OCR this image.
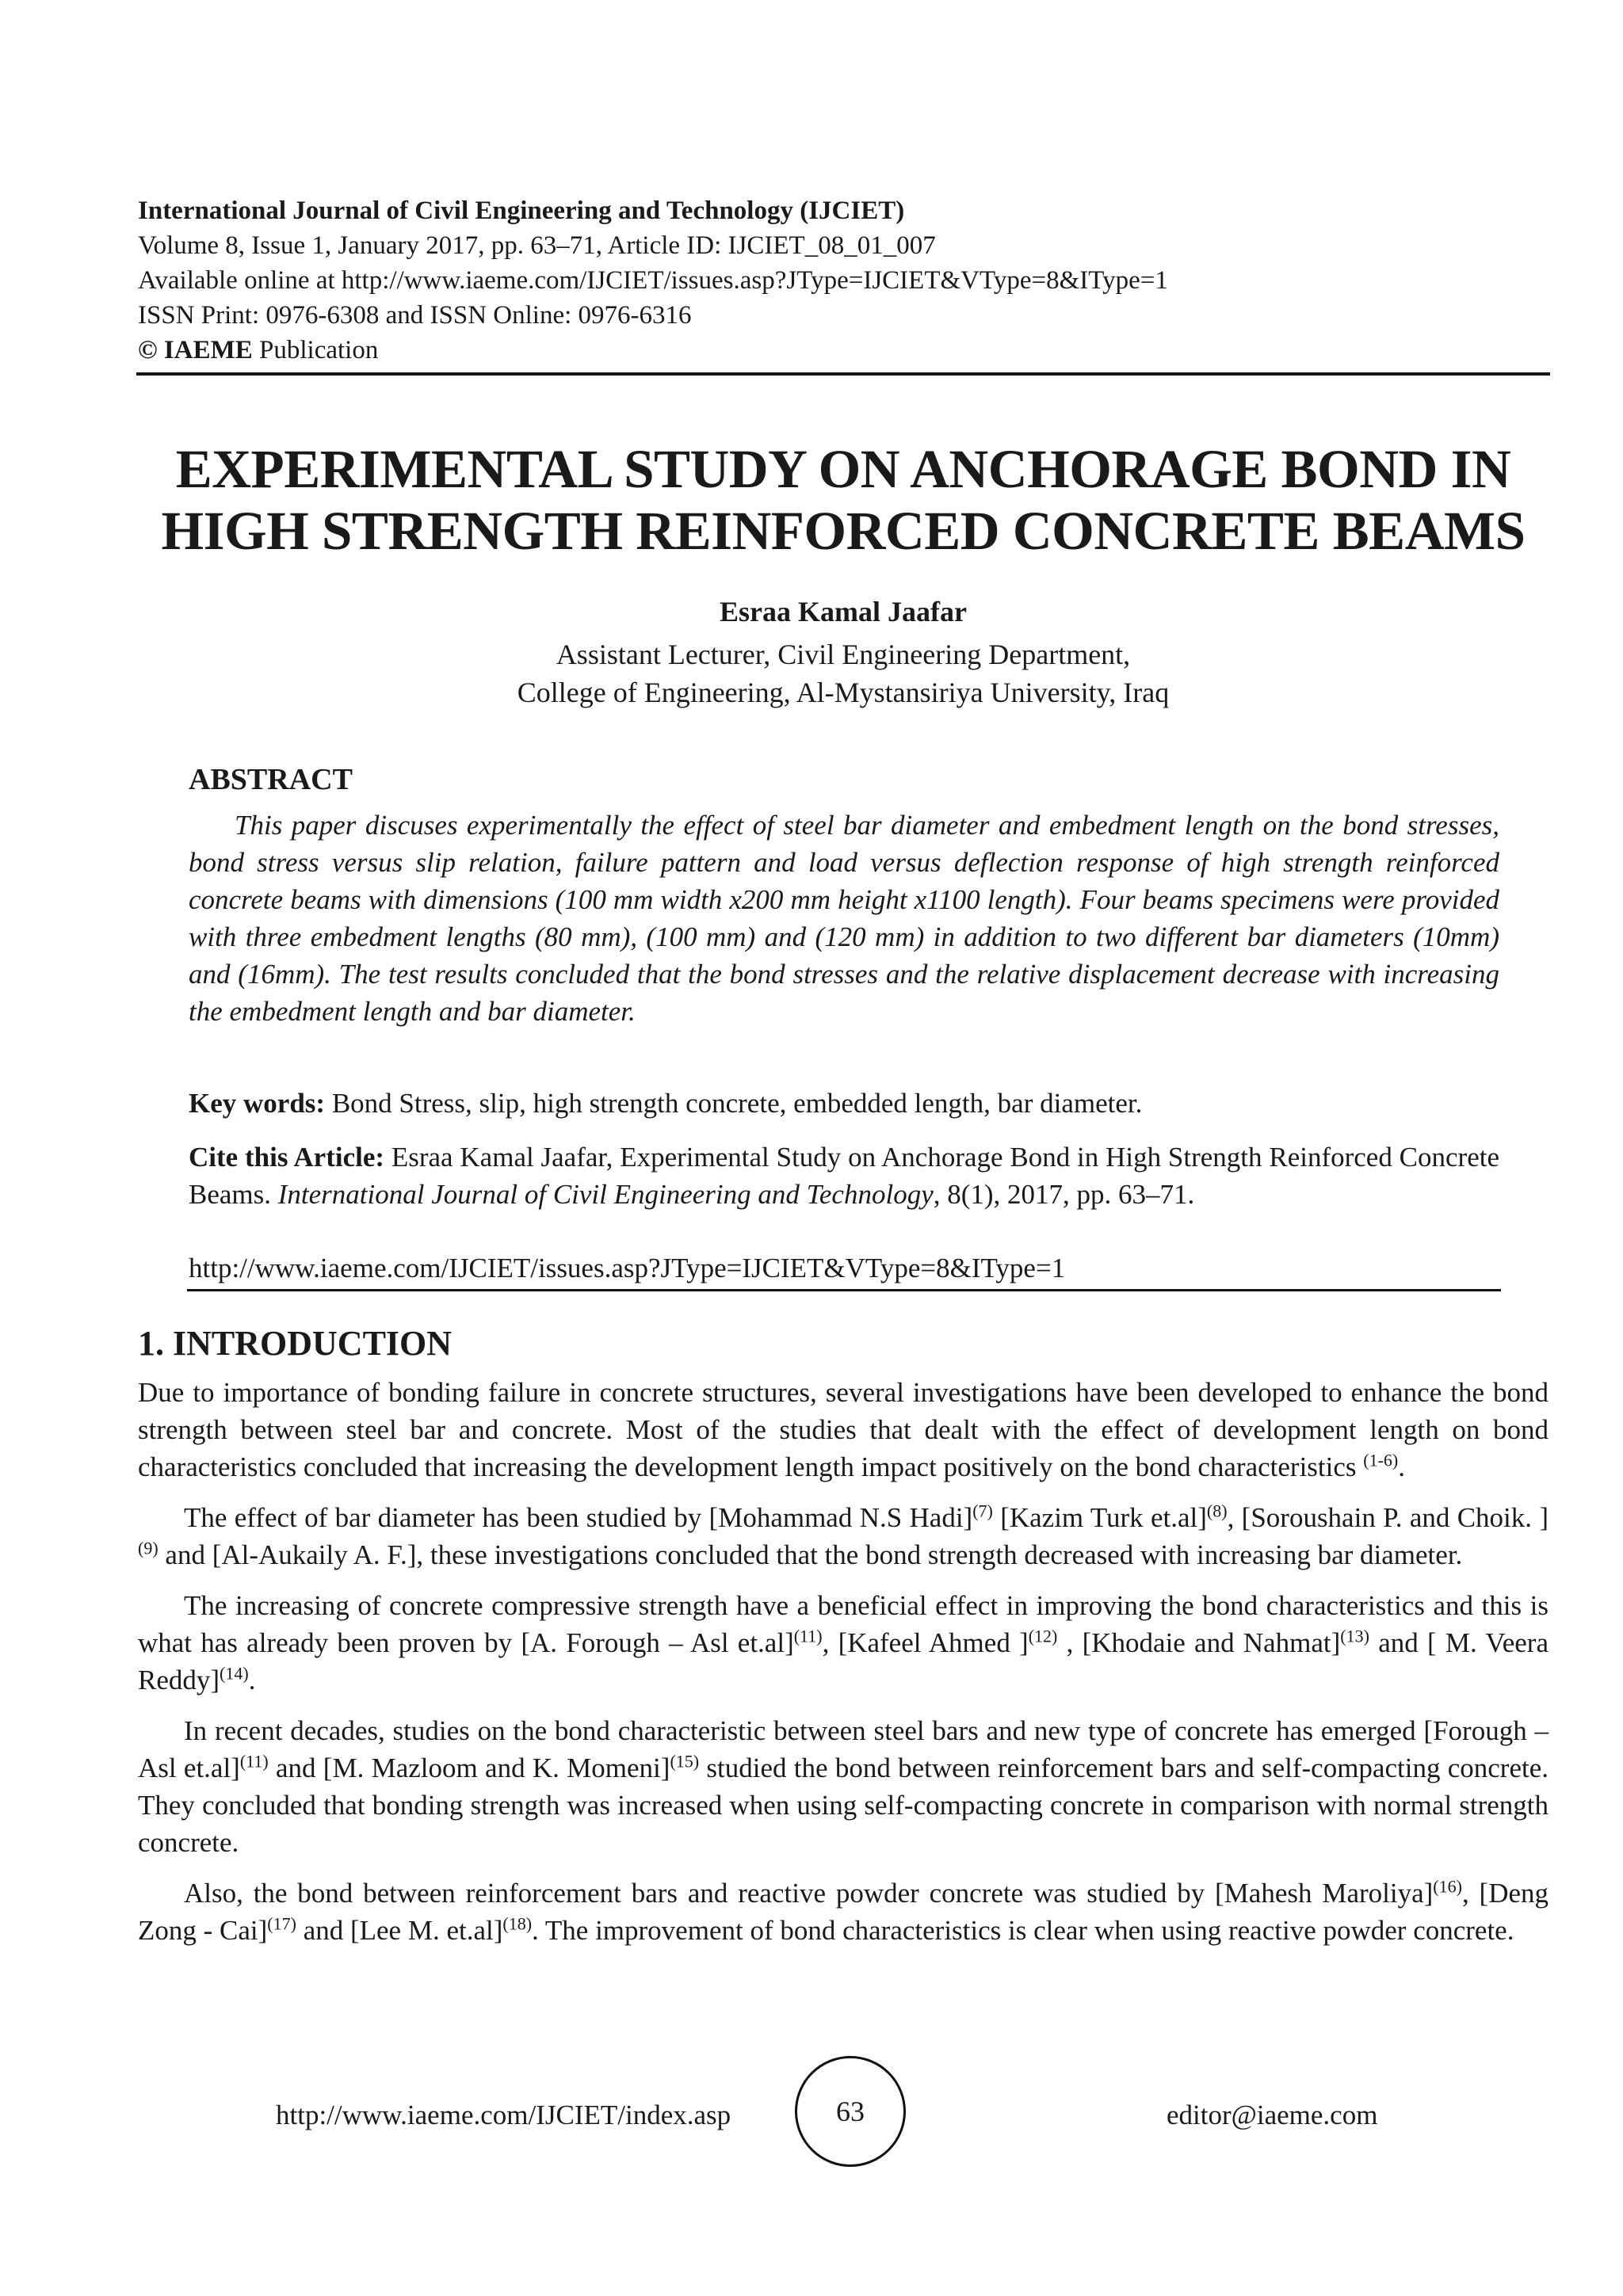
International Journal of Civil Engineering and Technology (IJCIET)
Volume 8, Issue 1, January 2017, pp. 63–71, Article ID: IJCIET_08_01_007
Available online at http://www.iaeme.com/IJCIET/issues.asp?JType=IJCIET&VType=8&IType=1
ISSN Print: 0976-6308 and ISSN Online: 0976-6316
© IAEME Publication
EXPERIMENTAL STUDY ON ANCHORAGE BOND IN
HIGH STRENGTH REINFORCED CONCRETE BEAMS
Esraa Kamal Jaafar
Assistant Lecturer, Civil Engineering Department,
College of Engineering, Al-Mystansiriya University, Iraq
ABSTRACT
This paper discuses experimentally the effect of steel bar diameter and embedment length on the bond stresses, bond stress versus slip relation, failure pattern and load versus deflection response of high strength reinforced concrete beams with dimensions (100 mm width x200 mm height x1100 length). Four beams specimens were provided with three embedment lengths (80 mm), (100 mm) and (120 mm) in addition to two different bar diameters (10mm) and (16mm). The test results concluded that the bond stresses and the relative displacement decrease with increasing the embedment length and bar diameter.
Key words: Bond Stress, slip, high strength concrete, embedded length, bar diameter.
Cite this Article: Esraa Kamal Jaafar, Experimental Study on Anchorage Bond in High Strength Reinforced Concrete Beams. International Journal of Civil Engineering and Technology, 8(1), 2017, pp. 63–71.
http://www.iaeme.com/IJCIET/issues.asp?JType=IJCIET&VType=8&IType=1
1. INTRODUCTION

Due to importance of bonding failure in concrete structures, several investigations have been developed to enhance the bond strength between steel bar and concrete. Most of the studies that dealt with the effect of development length on bond characteristics concluded that increasing the development length impact positively on the bond characteristics $^{(1-6)}$.

The effect of bar diameter has been studied by [Mohammad N.S Hadi]$^{(7)}$ [Kazim Turk et.al]$^{(8)}$, [Soroushain P. and Choik. ]$^{(9)}$ and [Al-Aukaily A. F.], these investigations concluded that the bond strength decreased with increasing bar diameter.

The increasing of concrete compressive strength have a beneficial effect in improving the bond characteristics and this is what has already been proven by [A. Forough – Asl et.al]$^{(11)}$, [Kafeel Ahmed ]$^{(12)}$ , [Khodaie and Nahmat]$^{(13)}$ and [ M. Veera Reddy]$^{(14)}$.

In recent decades, studies on the bond characteristic between steel bars and new type of concrete has emerged [Forough – Asl et.al]$^{(11)}$ and [M. Mazloom and K. Momeni]$^{(15)}$ studied the bond between reinforcement bars and self-compacting concrete. They concluded that bonding strength was increased when using self-compacting concrete in comparison with normal strength concrete.

Also, the bond between reinforcement bars and reactive powder concrete was studied by [Mahesh Maroliya]$^{(16)}$, [Deng Zong - Cai]$^{(17)}$ and [Lee M. et.al]$^{(18)}$. The improvement of bond characteristics is clear when using reactive powder concrete.

http://www.iaeme.com/IJCIET/index.asp	63	editor@iaeme.com
